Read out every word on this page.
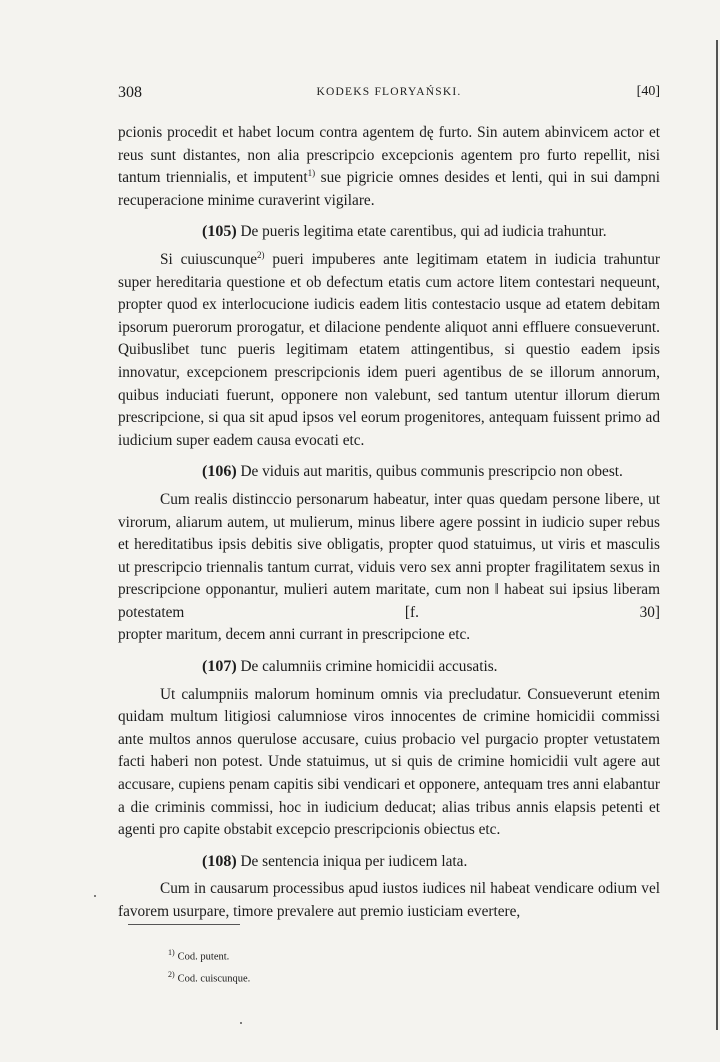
308	KODEKS FLORYAŃSKI.	[40]

pcionis procedit et habet locum contra agentem dę furto. Sin autem abinvicem actor et reus sunt distantes, non alia prescripcio excepcionis agentem pro furto repellit, nisi tantum triennialis, et imputent$^{1)}$ sue pigricie omnes desides et lenti, qui in sui dampni recuperacione minime curaverint vigilare.

(105) De pueris legitima etate carentibus, qui ad iudicia trahuntur.

Si cuiuscunque$^{2)}$ pueri impuberes ante legitimam etatem in iudicia trahuntur super hereditaria questione et ob defectum etatis cum actore litem contestari nequeunt, propter quod ex interlocucione iudicis eadem litis contestacio usque ad etatem debitam ipsorum puerorum prorogatur, et dilacione pendente aliquot anni effluere consueverunt. Quibuslibet tunc pueris legitimam etatem attingentibus, si questio eadem ipsis innovatur, excepcionem prescripcionis idem pueri agentibus de se illorum annorum, quibus induciati fuerunt, opponere non valebunt, sed tantum utentur illorum dierum prescripcione, si qua sit apud ipsos vel eorum progenitores, antequam fuissent primo ad iudicium super eadem causa evocati etc.

(106) De viduis aut maritis, quibus communis prescripcio non obest.

Cum realis distinccio personarum habeatur, inter quas quedam persone libere, ut virorum, aliarum autem, ut mulierum, minus libere agere possint in iudicio super rebus et hereditatibus ipsis debitis sive obligatis, propter quod statuimus, ut viris et masculis ut prescripcio triennalis tantum currat, viduis vero sex anni propter fragilitatem sexus in prescripcione opponantur, mulieri autem maritate, cum non ‖ habeat sui ipsius liberam potestatem [f. 30]

propter maritum, decem anni currant in prescripcione etc.

(107) De calumniis crimine homicidii accusatis.

Ut calumpniis malorum hominum omnis via precludatur. Consueverunt etenim quidam multum litigiosi calumniose viros innocentes de crimine homicidii commissi ante multos annos querulose accusare, cuius probacio vel purgacio propter vetustatem facti haberi non potest. Unde statuimus, ut si quis de crimine homicidii vult agere aut accusare, cupiens penam capitis sibi vendicari et opponere, antequam tres anni elabantur a die criminis commissi, hoc in iudicium deducat; alias tribus annis elapsis petenti et agenti pro capite obstabit excepcio prescripcionis obiectus etc.

(108) De sentencia iniqua per iudicem lata.

Cum in causarum processibus apud iustos iudices nil habeat vendicare odium vel favorem usurpare, timore prevalere aut premio iusticiam evertere,

$^{1)}$ Cod. putent.
$^{2)}$ Cod. cuiscunque.
